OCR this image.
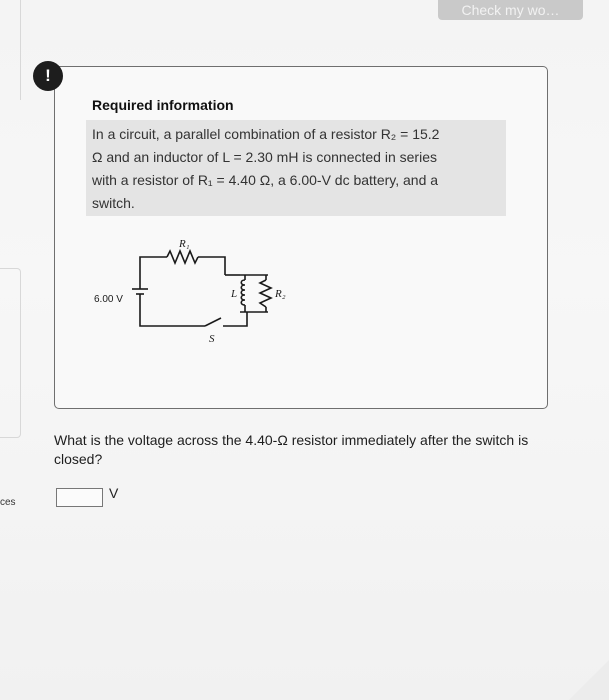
Check my wo…
ces
!
Required information
In a circuit, a parallel combination of a resistor R₂ = 15.2
Ω and an inductor of L = 2.30 mH is connected in series
with a resistor of R₁ = 4.40 Ω, a 6.00-V dc battery, and a
switch.
R₁
R₂
L
S
6.00 V
What is the voltage across the 4.40-Ω resistor immediately after the switch is closed?
V
